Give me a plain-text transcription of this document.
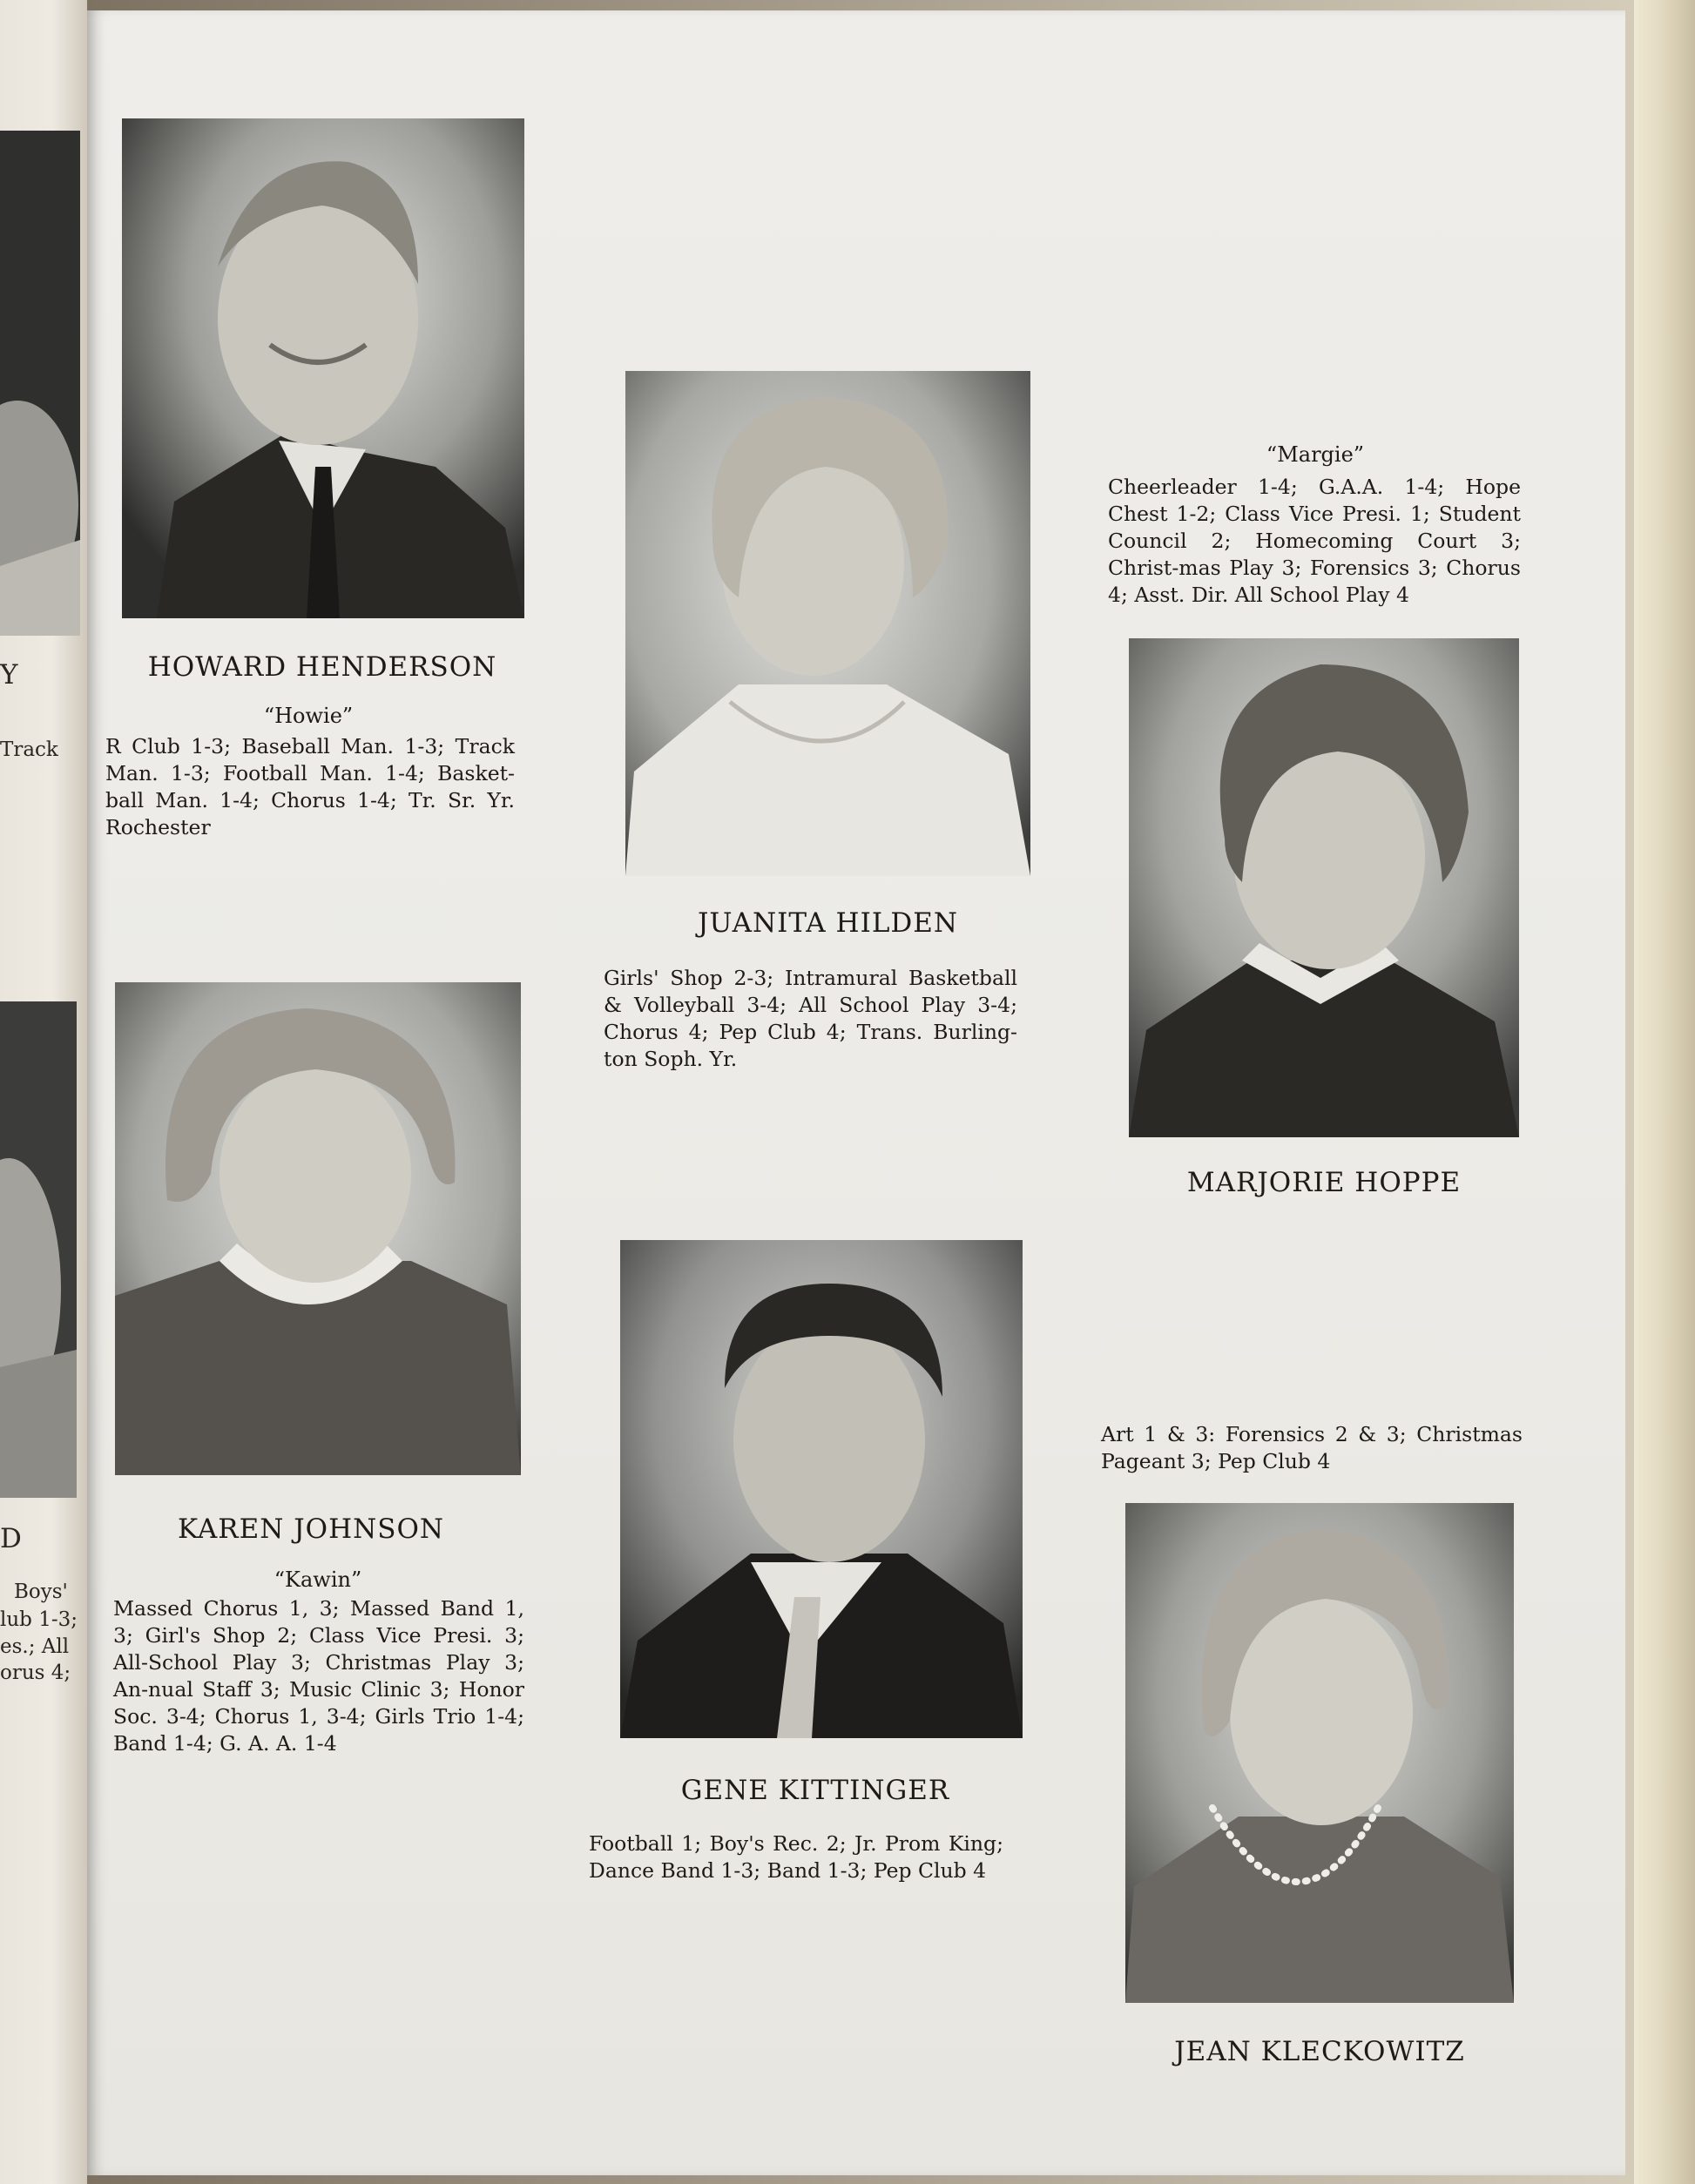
Y
Track
D
Boys'
lub 1-3;
es.; All
orus 4;
HOWARD HENDERSON
“Howie”
R Club 1-3; Baseball Man. 1-3; Track Man. 1-3; Football Man. 1-4; Basket-ball Man. 1-4; Chorus 1-4; Tr. Sr. Yr. Rochester
JUANITA HILDEN
Girls' Shop 2-3; Intramural Basketball & Volleyball 3-4; All School Play 3-4; Chorus 4; Pep Club 4; Trans. Burling-ton Soph. Yr.
“Margie”
Cheerleader 1-4; G.A.A. 1-4; Hope Chest 1-2; Class Vice Presi. 1; Student Council 2; Homecoming Court 3; Christ-mas Play 3; Forensics 3; Chorus 4; Asst. Dir. All School Play 4
MARJORIE HOPPE
KAREN JOHNSON
“Kawin”
Massed Chorus 1, 3; Massed Band 1, 3; Girl's Shop 2; Class Vice Presi. 3; All-School Play 3; Christmas Play 3; An-nual Staff 3; Music Clinic 3; Honor Soc. 3-4; Chorus 1, 3-4; Girls Trio 1-4; Band 1-4; G. A. A. 1-4
GENE KITTINGER
Football 1; Boy's Rec. 2; Jr. Prom King; Dance Band 1-3; Band 1-3; Pep Club 4
Art 1 & 3: Forensics 2 & 3; Christmas Pageant 3; Pep Club 4
JEAN KLECKOWITZ
